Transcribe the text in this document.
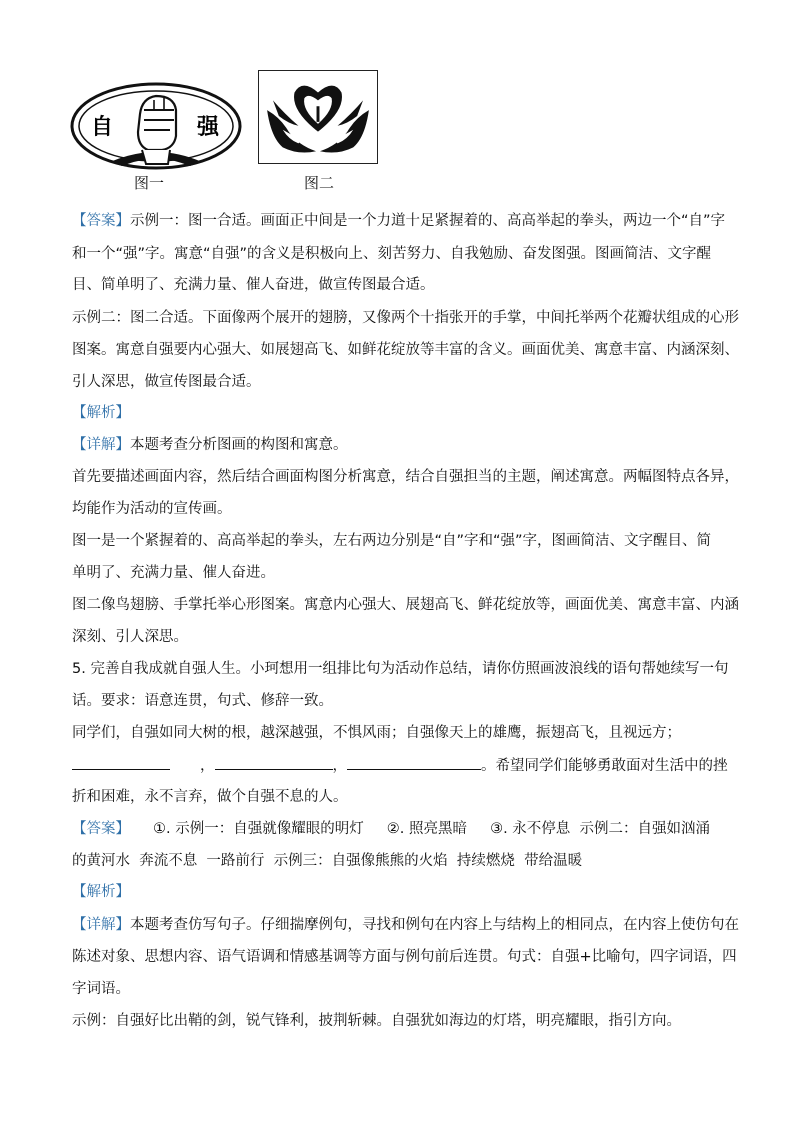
自	强
图一	图二
【答案】示例一：图一合适。画面正中间是一个力道十足紧握着的、高高举起的拳头，两边一个“自”字
和一个“强”字。寓意“自强”的含义是积极向上、刻苦努力、自我勉励、奋发图强。图画简洁、文字醒
目、简单明了、充满力量、催人奋进，做宣传图最合适。
示例二：图二合适。下面像两个展开的翅膀，又像两个十指张开的手掌，中间托举两个花瓣状组成的心形
图案。寓意自强要内心强大、如展翅高飞、如鲜花绽放等丰富的含义。画面优美、寓意丰富、内涵深刻、
引人深思，做宣传图最合适。
【解析】
【详解】本题考查分析图画的构图和寓意。
首先要描述画面内容，然后结合画面构图分析寓意，结合自强担当的主题，阐述寓意。两幅图特点各异，
均能作为活动的宣传画。
图一是一个紧握着的、高高举起的拳头，左右两边分别是“自”字和“强”字，图画简洁、文字醒目、简
单明了、充满力量、催人奋进。
图二像鸟翅膀、手掌托举心形图案。寓意内心强大、展翅高飞、鲜花绽放等，画面优美、寓意丰富、内涵
深刻、引人深思。
5. 完善自我成就自强人生。小珂想用一组排比句为活动作总结，请你仿照画波浪线的语句帮她续写一句
话。要求：语意连贯，句式、修辞一致。
同学们，自强如同大树的根，越深越强，不惧风雨；自强像天上的雄鹰，振翅高飞，且视远方；
，	，	。希望同学们能够勇敢面对生活中的挫
折和困难，永不言弃，做个自强不息的人。
【答案】     ①. 示例一：自强就像耀眼的明灯     ②. 照亮黑暗     ③. 永不停息  示例二：自强如汹涌
的黄河水  奔流不息  一路前行  示例三：自强像熊熊的火焰  持续燃烧  带给温暖
【解析】
【详解】本题考查仿写句子。仔细揣摩例句，寻找和例句在内容上与结构上的相同点，在内容上使仿句在
陈述对象、思想内容、语气语调和情感基调等方面与例句前后连贯。句式：自强+比喻句，四字词语，四
字词语。
示例：自强好比出鞘的剑，锐气锋利，披荆斩棘。自强犹如海边的灯塔，明亮耀眼，指引方向。
